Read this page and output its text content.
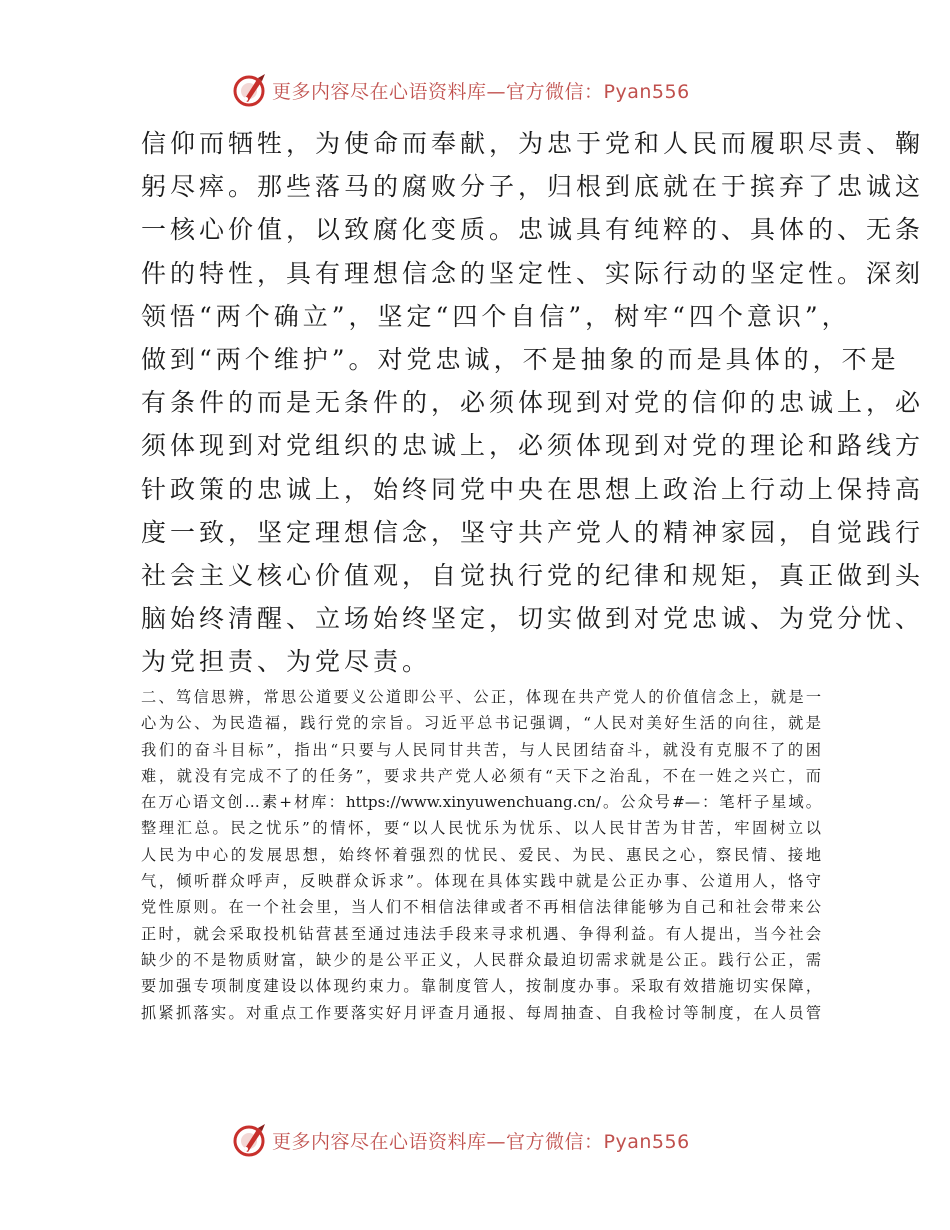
更多内容尽在心语资料库—官方微信：Pyan556
信仰而牺牲，为使命而奉献，为忠于党和人民而履职尽责、鞠
躬尽瘁。那些落马的腐败分子，归根到底就在于摈弃了忠诚这
一核心价值，以致腐化变质。忠诚具有纯粹的、具体的、无条
件的特性，具有理想信念的坚定性、实际行动的坚定性。深刻
领悟“两个确立”，坚定“四个自信”，树牢“四个意识”，
做到“两个维护”。对党忠诚，不是抽象的而是具体的，不是
有条件的而是无条件的，必须体现到对党的信仰的忠诚上，必
须体现到对党组织的忠诚上，必须体现到对党的理论和路线方
针政策的忠诚上，始终同党中央在思想上政治上行动上保持高
度一致，坚定理想信念，坚守共产党人的精神家园，自觉践行
社会主义核心价值观，自觉执行党的纪律和规矩，真正做到头
脑始终清醒、立场始终坚定，切实做到对党忠诚、为党分忧、
为党担责、为党尽责。
二、笃信思辨，常思公道要义公道即公平、公正，体现在共产党人的价值信念上，就是一
心为公、为民造福，践行党的宗旨。习近平总书记强调，“人民对美好生活的向往，就是
我们的奋斗目标”，指出“只要与人民同甘共苦，与人民团结奋斗，就没有克服不了的困
难，就没有完成不了的任务”，要求共产党人必须有“天下之治乱，不在一姓之兴亡，而
在万心语文创…素+材库：https://www.xinyuwenchuang.cn/。公众号#—：笔杆子星域。
整理汇总。民之忧乐”的情怀，要“以人民忧乐为忧乐、以人民甘苦为甘苦，牢固树立以
人民为中心的发展思想，始终怀着强烈的忧民、爱民、为民、惠民之心，察民情、接地
气，倾听群众呼声，反映群众诉求”。体现在具体实践中就是公正办事、公道用人，恪守
党性原则。在一个社会里，当人们不相信法律或者不再相信法律能够为自己和社会带来公
正时，就会采取投机钻营甚至通过违法手段来寻求机遇、争得利益。有人提出，当今社会
缺少的不是物质财富，缺少的是公平正义，人民群众最迫切需求就是公正。践行公正，需
要加强专项制度建设以体现约束力。靠制度管人，按制度办事。采取有效措施切实保障，
抓紧抓落实。对重点工作要落实好月评查月通报、每周抽查、自我检讨等制度，在人员管
更多内容尽在心语资料库—官方微信：Pyan556
